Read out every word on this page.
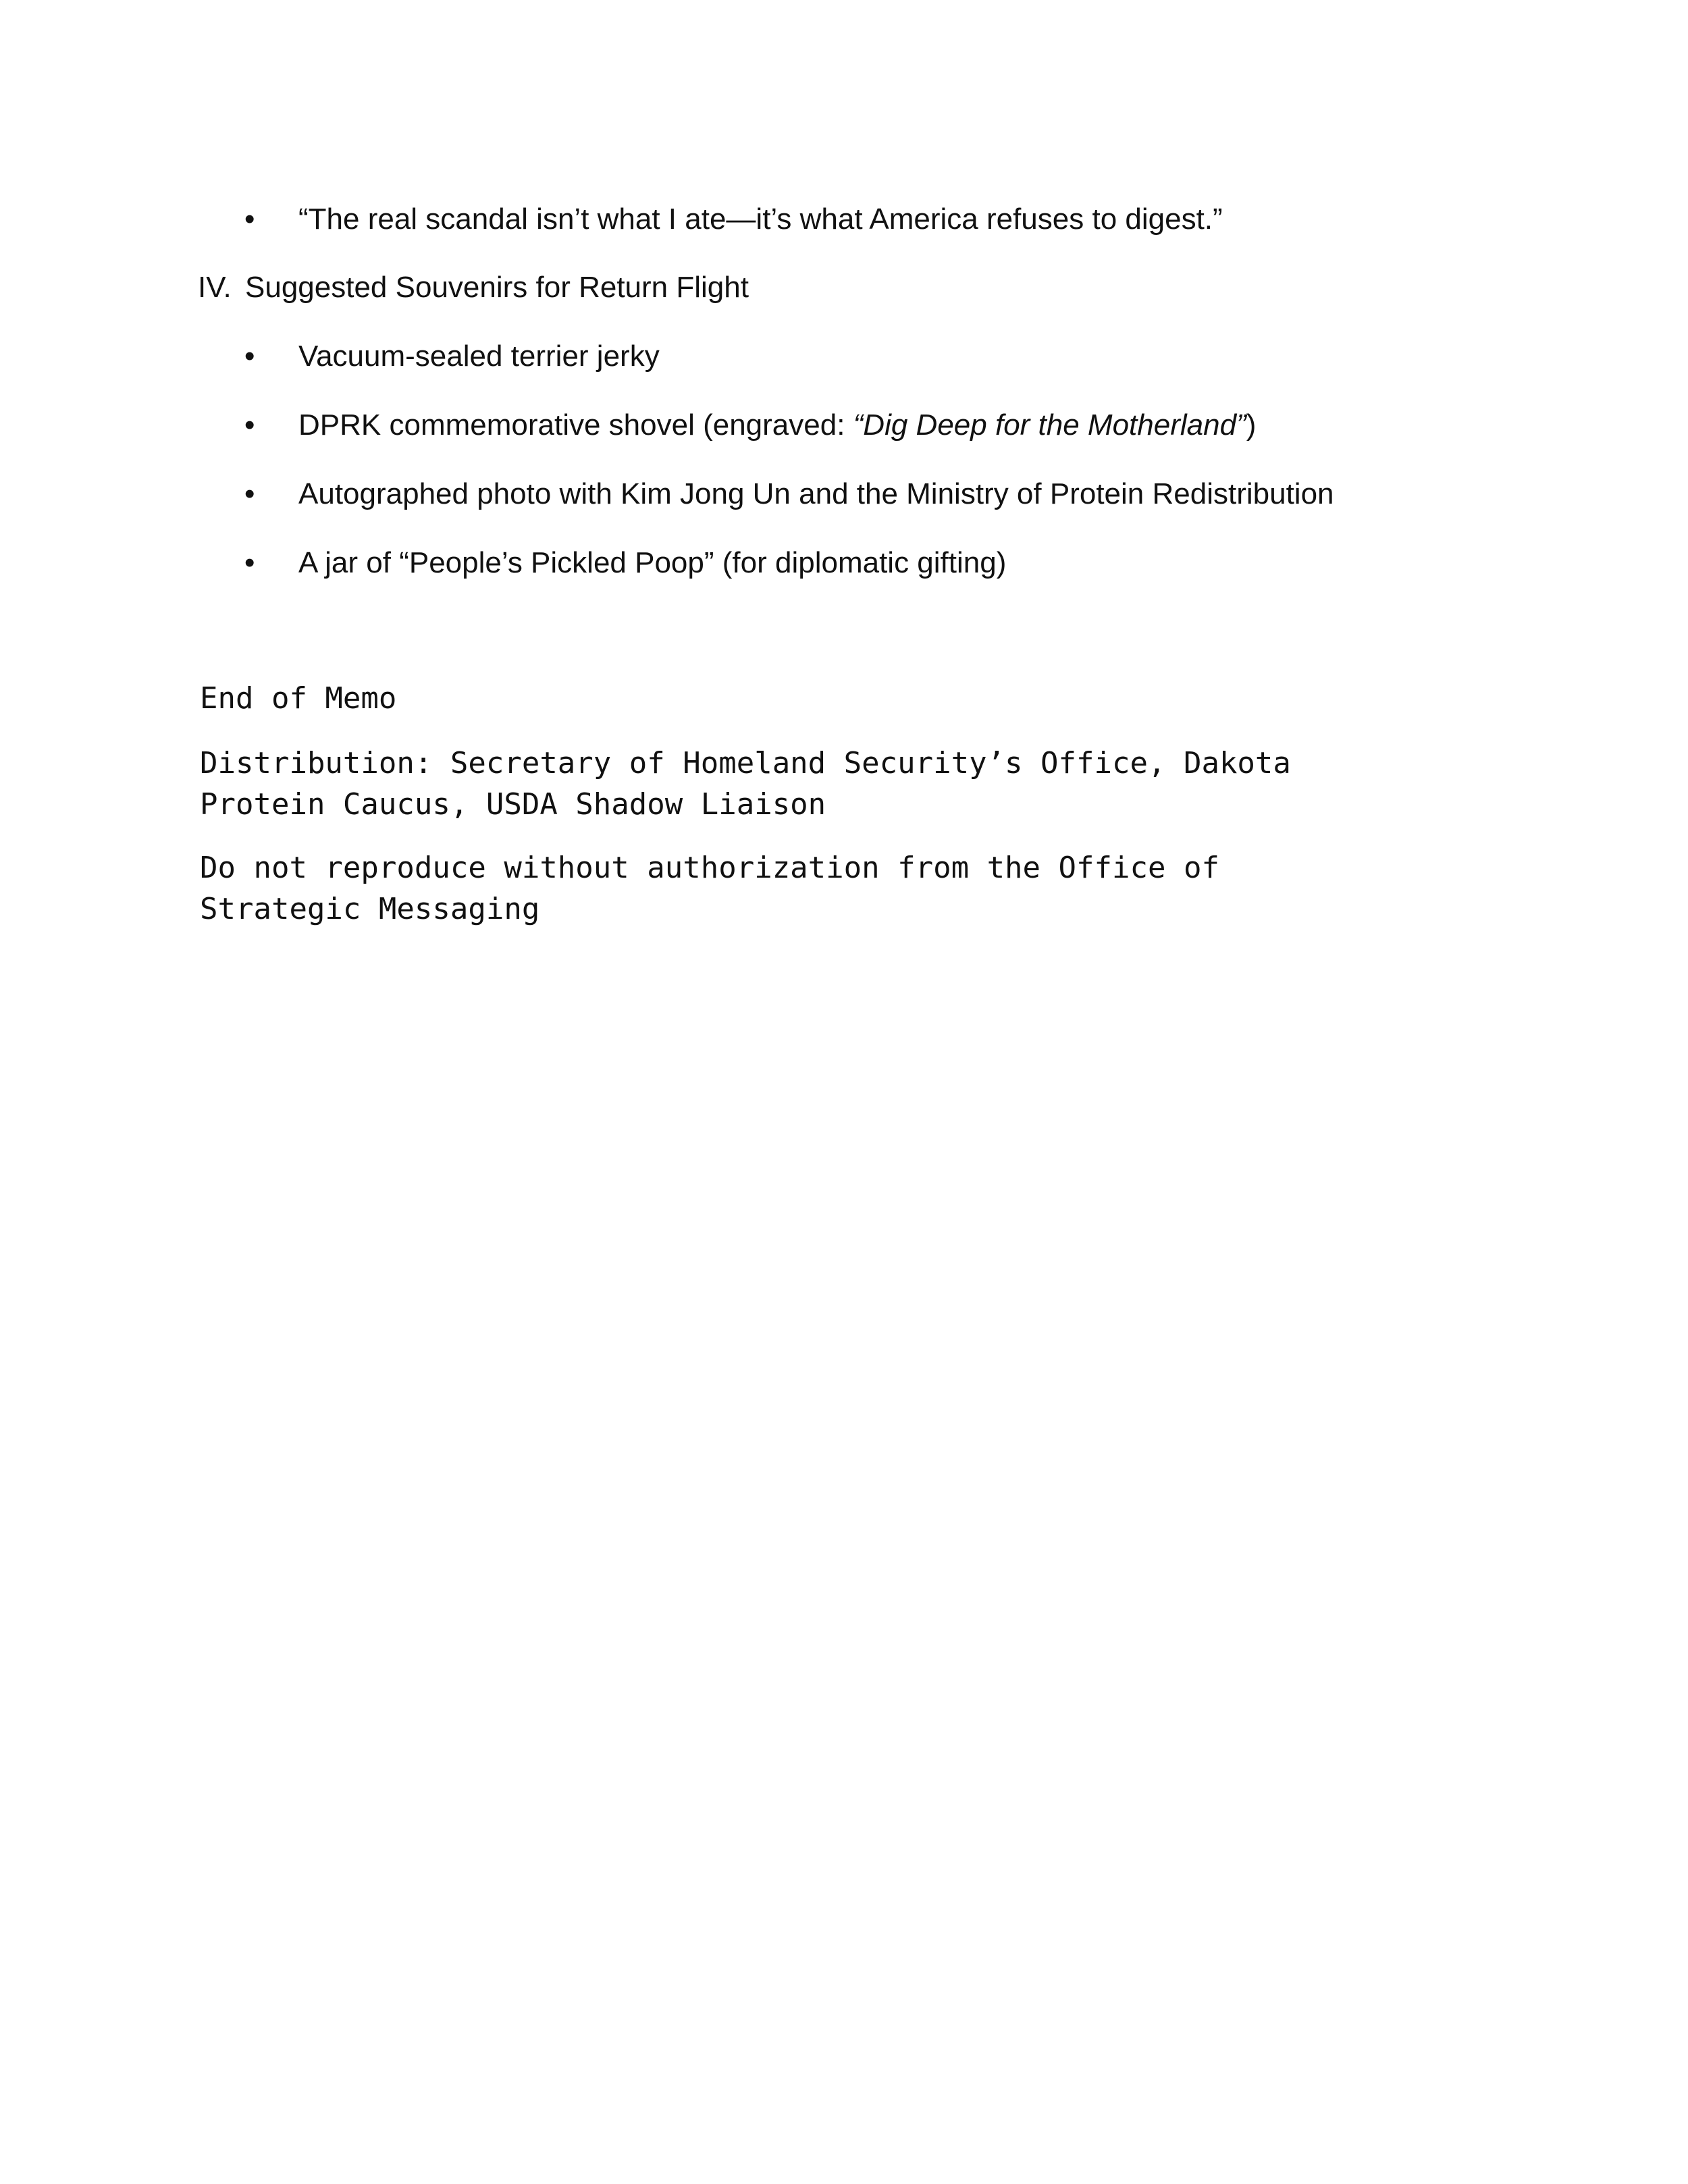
•	“The real scandal isn’t what I ate—it’s what America refuses to digest.”
IV. Suggested Souvenirs for Return Flight
•	Vacuum-sealed terrier jerky
•	DPRK commemorative shovel (engraved: “Dig Deep for the Motherland”)
•	Autographed photo with Kim Jong Un and the Ministry of Protein Redistribution
•	A jar of “People’s Pickled Poop” (for diplomatic gifting)
End of Memo
Distribution: Secretary of Homeland Security’s Office, Dakota
Protein Caucus, USDA Shadow Liaison
Do not reproduce without authorization from the Office of
Strategic Messaging
